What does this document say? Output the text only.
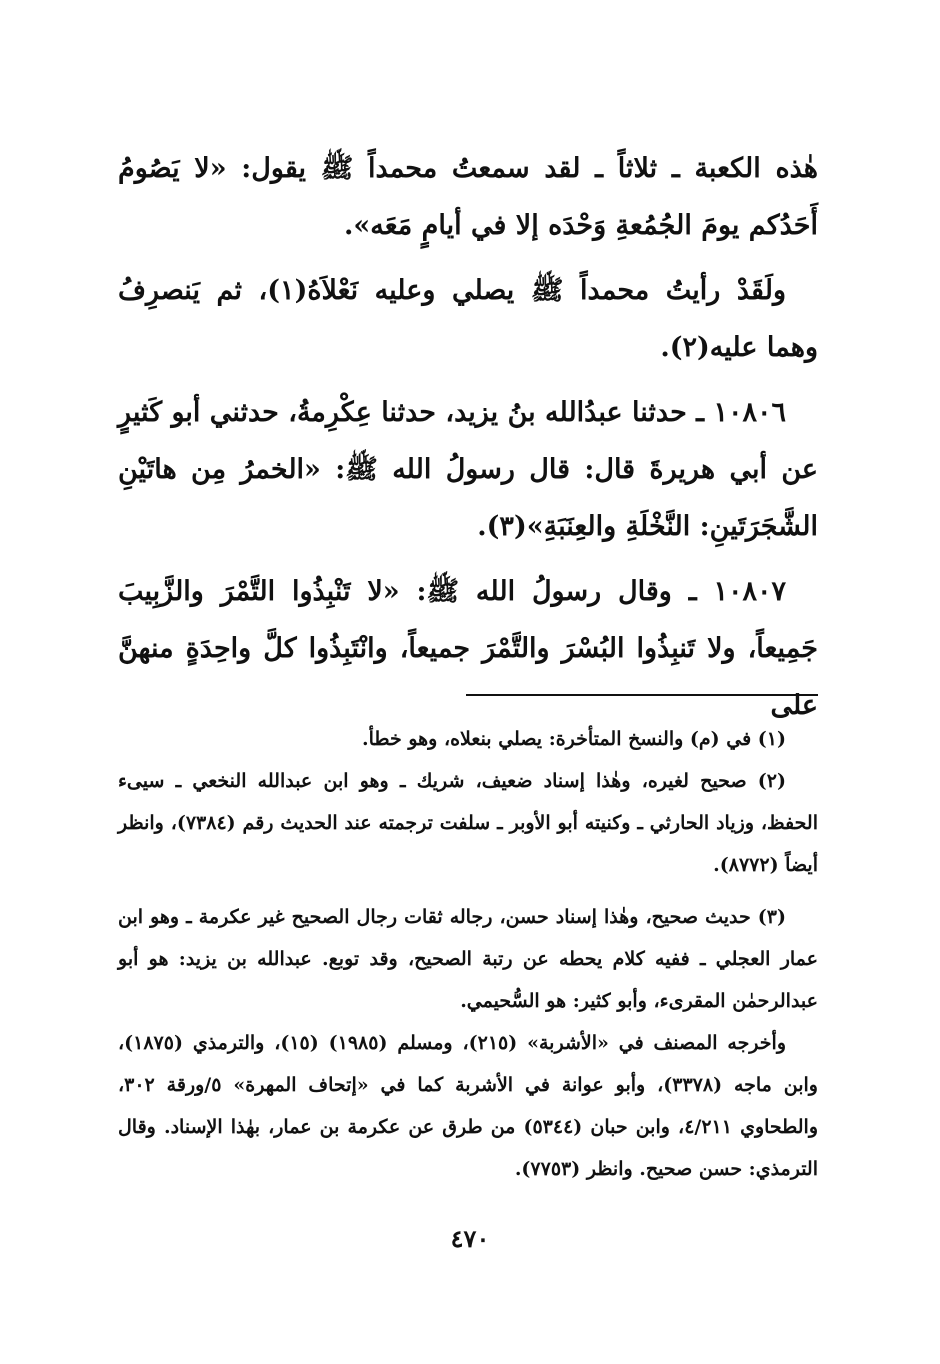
هٰذه الكعبة ـ ثلاثاً ـ لقد سمعتُ محمداً ﷺ يقول: «لا يَصُومُ أَحَدُكم يومَ الجُمُعةِ وَحْدَه إلا في أيامٍ مَعَه».

ولَقَدْ رأيتُ محمداً ﷺ يصلي وعليه نَعْلاَهُ(١)، ثم يَنصرِفُ وهما عليه(٢).

١٠٨٠٦ ـ حدثنا عبدُالله بنُ يزيد، حدثنا عِكْرِمةُ، حدثني أبو كَثيرٍ عن أبي هريرةَ قال: قال رسولُ الله ﷺ: «الخمرُ مِن هاتَيْنِ الشَّجَرَتَينِ: النَّخْلَةِ والعِنَبَةِ»(٣).

١٠٨٠٧ ـ وقال رسولُ الله ﷺ: «لا تَنْبِذُوا التَّمْرَ والزَّبِيبَ جَمِيعاً، ولا تَنبِذُوا البُسْرَ والتَّمْرَ جميعاً، وانْتَبِذُوا كلَّ واحِدَةٍ منهنَّ على

(١) في (م) والنسخ المتأخرة: يصلي بنعلاه، وهو خطأ.

(٢) صحيح لغيره، وهٰذا إسناد ضعيف، شريك ـ وهو ابن عبدالله النخعي ـ سيىء الحفظ، وزياد الحارثي ـ وكنيته أبو الأوبر ـ سلفت ترجمته عند الحديث رقم (٧٣٨٤)، وانظر أيضاً (٨٧٧٢).

(٣) حديث صحيح، وهٰذا إسناد حسن، رجاله ثقات رجال الصحيح غير عكرمة ـ وهو ابن عمار العجلي ـ ففيه كلام يحطه عن رتبة الصحيح، وقد توبع. عبدالله بن يزيد: هو أبو عبدالرحمٰن المقرىء، وأبو كثير: هو السُّحيمي.

وأخرجه المصنف في «الأشربة» (٢١٥)، ومسلم (١٩٨٥) (١٥)، والترمذي (١٨٧٥)، وابن ماجه (٣٣٧٨)، وأبو عوانة في الأشربة كما في «إتحاف المهرة» ٥/ورقة ٣٠٢، والطحاوي ٤/٢١١، وابن حبان (٥٣٤٤) من طرق عن عكرمة بن عمار، بهٰذا الإسناد. وقال الترمذي: حسن صحيح. وانظر (٧٧٥٣).

٤٧٠
